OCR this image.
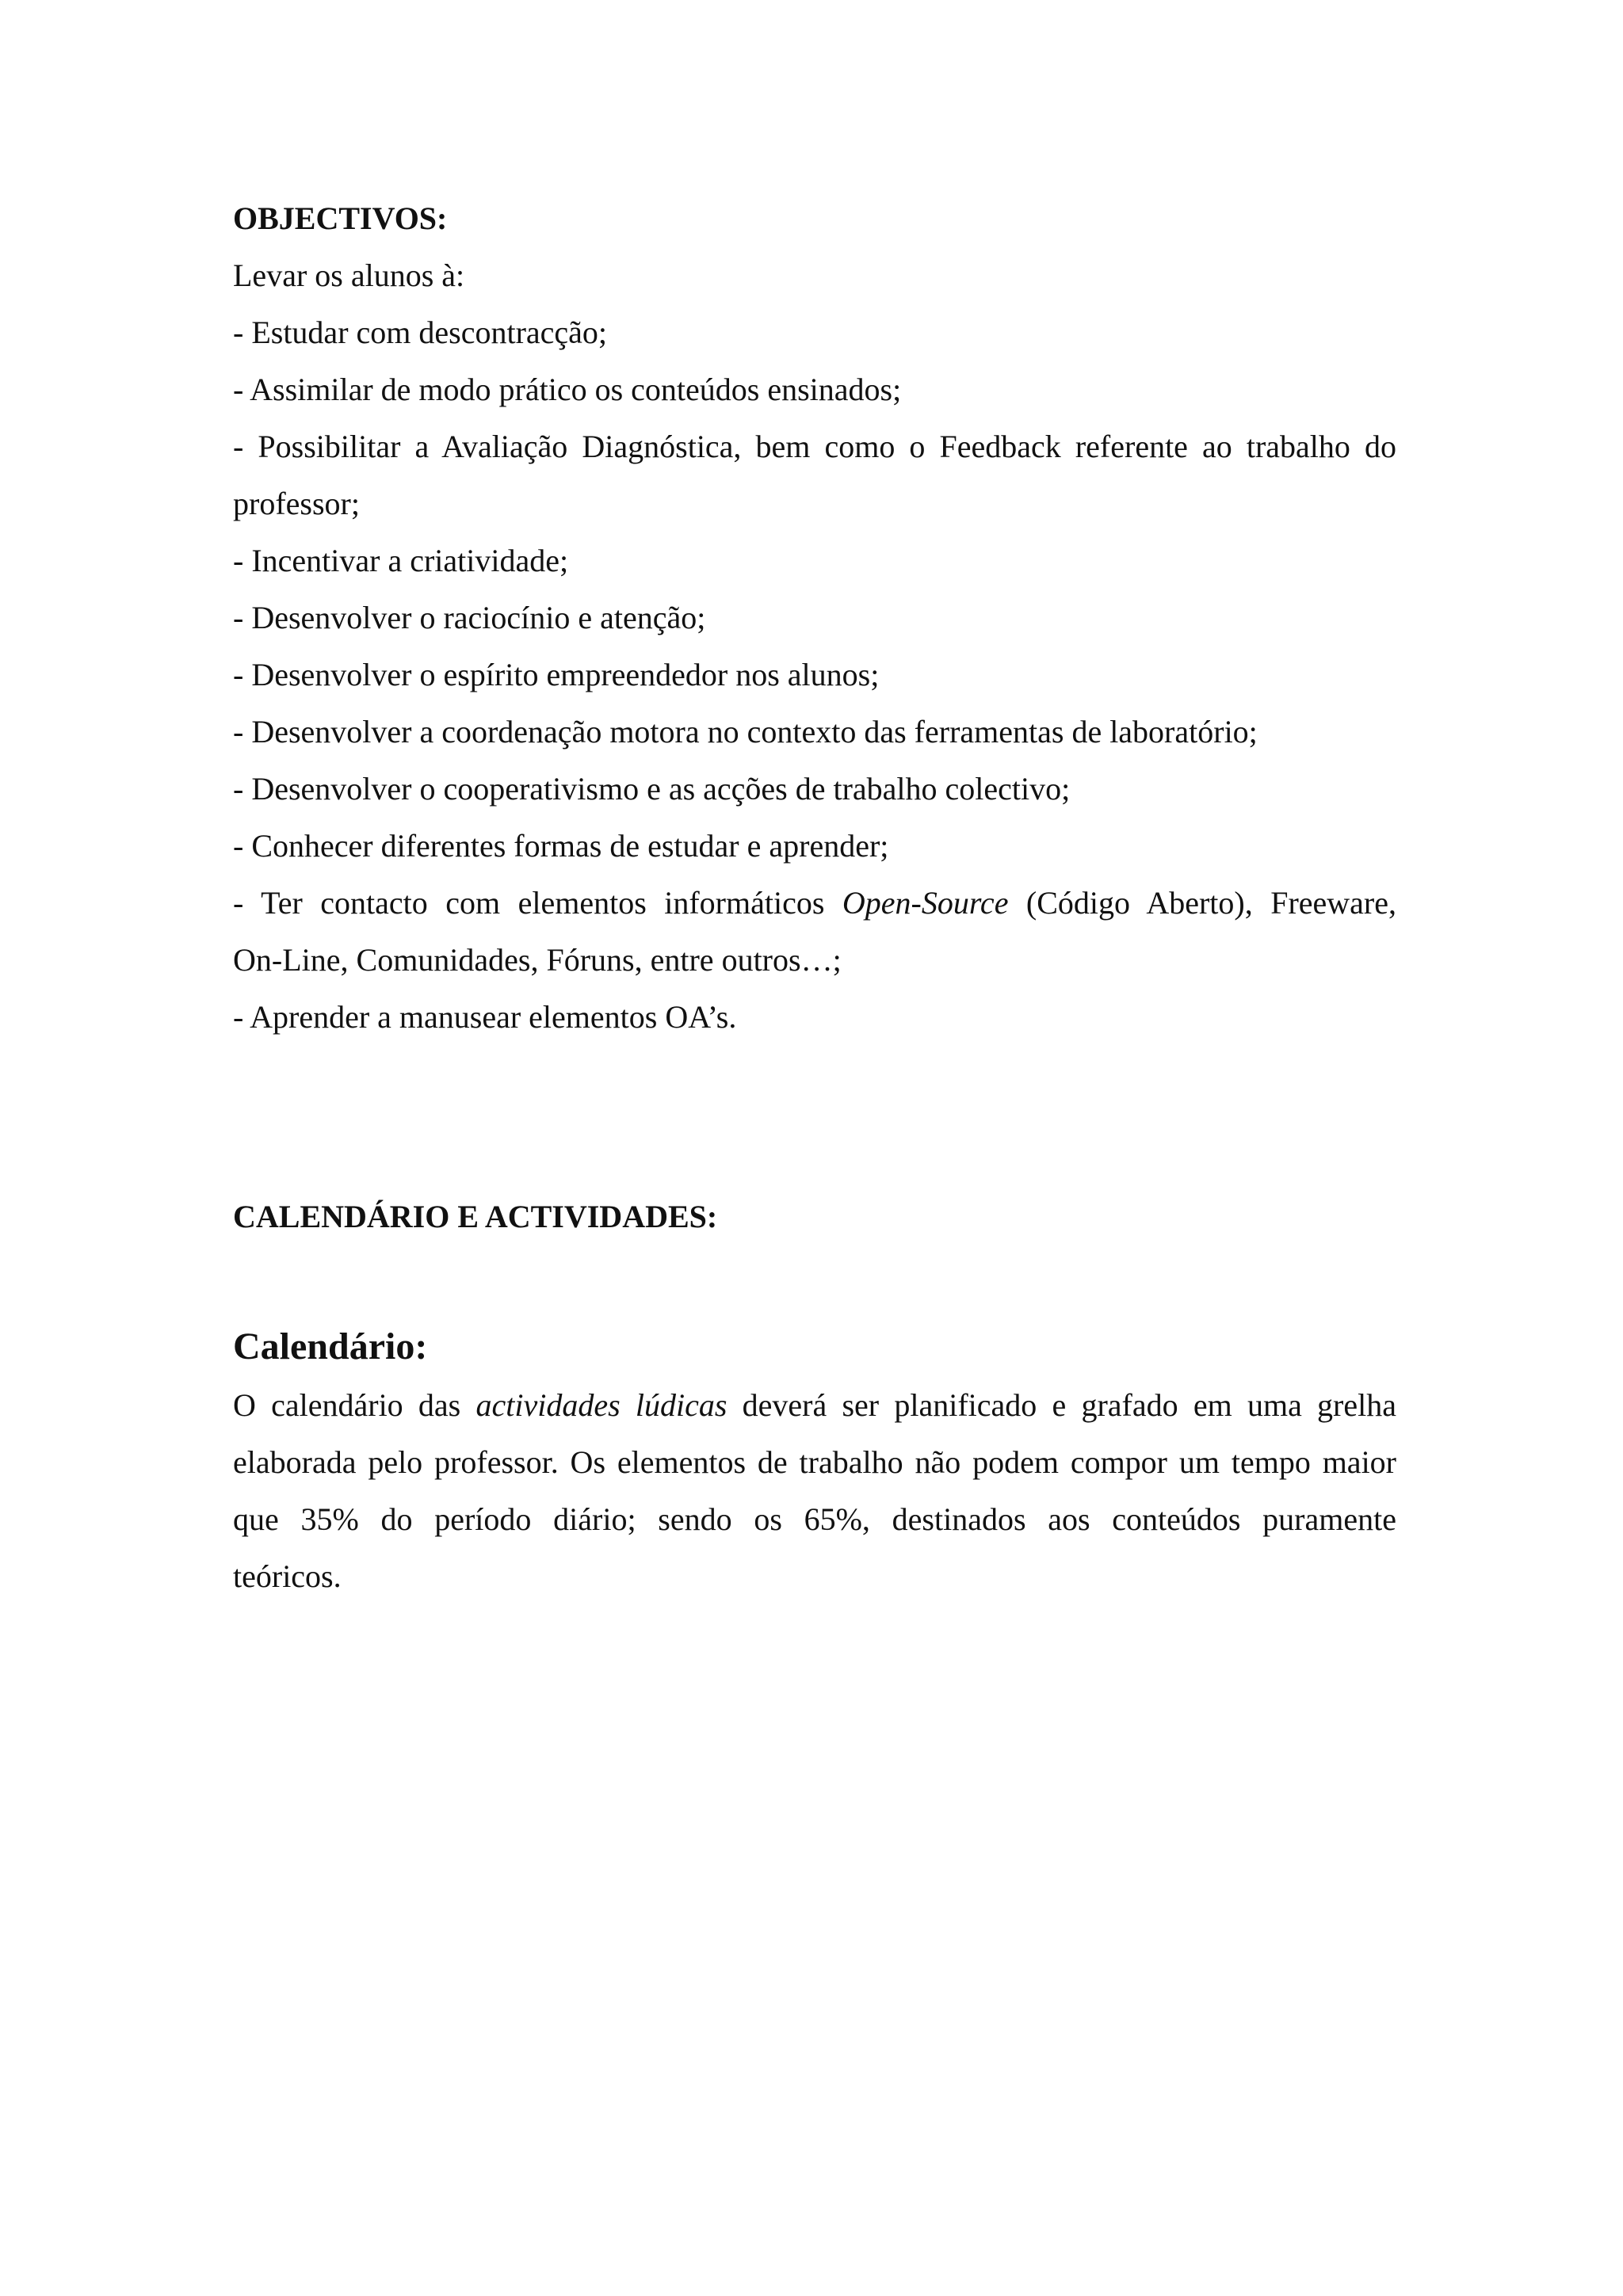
OBJECTIVOS:
Levar os alunos à:
- Estudar com descontracção;
- Assimilar de modo prático os conteúdos ensinados;
- Possibilitar a Avaliação Diagnóstica, bem como o Feedback referente ao trabalho do
professor;
- Incentivar a criatividade;
- Desenvolver o raciocínio e atenção;
- Desenvolver o espírito empreendedor nos alunos;
- Desenvolver a coordenação motora no contexto das ferramentas de laboratório;
- Desenvolver o cooperativismo e as acções de trabalho colectivo;
- Conhecer diferentes formas de estudar e aprender;
- Ter contacto com elementos informáticos Open-Source (Código Aberto), Freeware,
On-Line, Comunidades, Fóruns, entre outros…;
- Aprender a manusear elementos OA’s.
CALENDÁRIO E ACTIVIDADES:
Calendário:
O calendário das actividades lúdicas deverá ser planificado e grafado em uma grelha
elaborada pelo professor. Os elementos de trabalho não podem compor um tempo maior
que 35% do período diário; sendo os 65%, destinados aos conteúdos puramente
teóricos.
